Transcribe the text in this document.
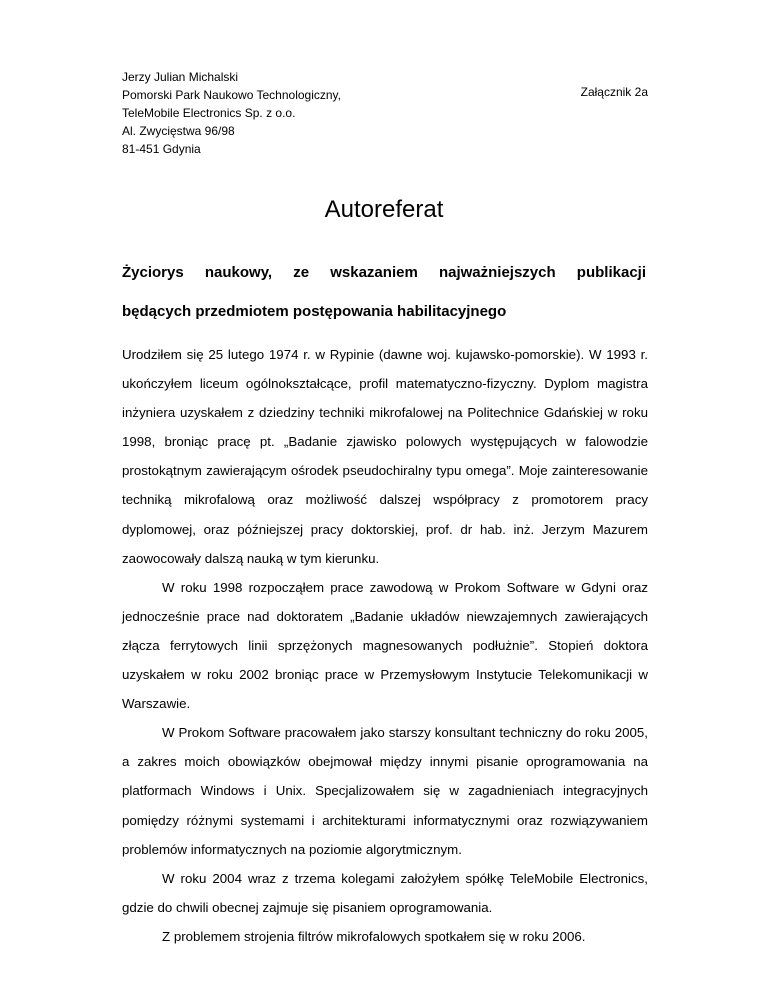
Jerzy Julian Michalski
Pomorski Park Naukowo Technologiczny,
TeleMobile Electronics Sp. z o.o.
Al. Zwycięstwa 96/98
81-451 Gdynia
Załącznik 2a
Autoreferat
Życiorys naukowy, ze wskazaniem najważniejszych publikacji
będących przedmiotem postępowania habilitacyjnego

Urodziłem się 25 lutego 1974 r. w Rypinie (dawne woj. kujawsko-pomorskie). W 1993 r. ukończyłem liceum ogólnokształcące, profil matematyczno-fizyczny. Dyplom magistra inżyniera uzyskałem z dziedziny techniki mikrofalowej na Politechnice Gdańskiej w roku 1998, broniąc pracę pt. „Badanie zjawisko polowych występujących w falowodzie prostokątnym zawierającym ośrodek pseudochiralny typu omega”. Moje zainteresowanie techniką mikrofalową oraz możliwość dalszej współpracy z promotorem pracy dyplomowej, oraz późniejszej pracy doktorskiej, prof. dr hab. inż. Jerzym Mazurem zaowocowały dalszą nauką w tym kierunku.

W roku 1998 rozpocząłem prace zawodową w Prokom Software w Gdyni oraz jednocześnie prace nad doktoratem „Badanie układów niewzajemnych zawierających złącza ferrytowych linii sprzężonych magnesowanych podłużnie”. Stopień doktora uzyskałem w roku 2002 broniąc prace w Przemysłowym Instytucie Telekomunikacji w Warszawie.

W Prokom Software pracowałem jako starszy konsultant techniczny do roku 2005, a zakres moich obowiązków obejmował między innymi pisanie oprogramowania na platformach Windows i Unix. Specjalizowałem się w zagadnieniach integracyjnych pomiędzy różnymi systemami i architekturami informatycznymi oraz rozwiązywaniem problemów informatycznych na poziomie algorytmicznym.

W roku 2004 wraz z trzema kolegami założyłem spółkę TeleMobile Electronics, gdzie do chwili obecnej zajmuje się pisaniem oprogramowania.

Z problemem strojenia filtrów mikrofalowych spotkałem się w roku 2006.
